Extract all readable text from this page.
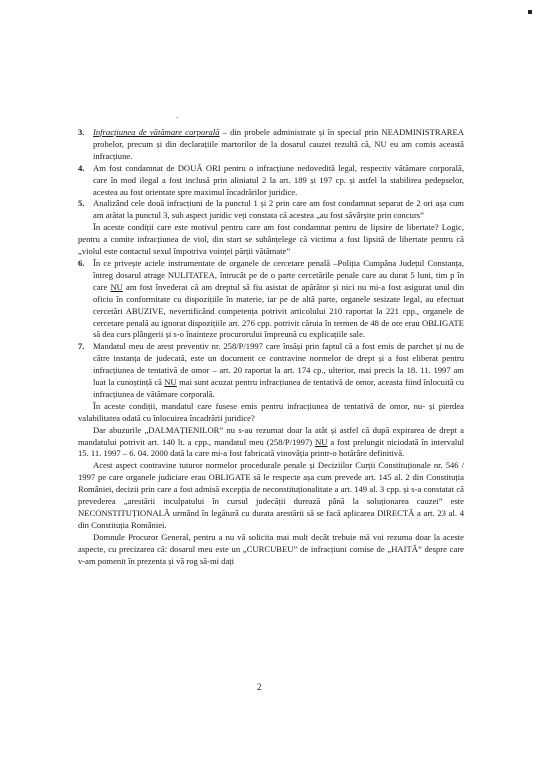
ˇ
3. Infracțiunea de vătămare corporală – din probele administrate și în special prin NEADMINISTRAREA probelor, precum și din declarațiile martorilor de la dosarul cauzei rezultă că, NU eu am comis această infracțiune.
4. Am fost condamnat de DOUĂ ORI pentru o infracțiune nedovedită legal, respectiv vătămare corporală, care în mod ilegal a fost inclusă prin aliniatul 2 la art. 189 și 197 cp. și astfel la stabilirea pedepselor, acestea au fost orientate spre maximul încadrărilor juridice.
5. Analizând cele două infracțiuni de la punctul 1 și 2 prin care am fost condamnat separat de 2 ori așa cum am arătat la punctul 3, sub aspect juridic veți constata că acestea „au fost săvârșite prin concurs”
În aceste condiții care este motivul pentru care am fost condamnat pentru de lipsire de libertate? Logic, pentru a comite infracțiunea de viol, din start se subânțelege că victima a fost lipsită de libertate pentru că „violul este contactul sexul împotriva voinței părții vătămate”
6. În ce privește actele instrumentate de organele de cercetare penală –Poliția Cumpăna Județul Constanța, întreg dosarul atrage NULITATEA, întrucât pe de o parte cercetările penale care au durat 5 luni, tim p în care NU am fost învederat că am dreptul să fiu asistat de apărător și nici nu mi-a fost asigurat unul din oficiu în conformitate cu dispozițiile în materie, iar pe de altă parte, organele sesizate legal, au efectuat cercetări ABUZIVE, nevertificând competența potrivit articolului 210 raportat la 221 cpp., organele de cercetare penală au ignorat dispozițiile art. 276 cpp. potrivit căruia în termen de 48 de ore erau OBLIGATE să dea curs plângerii și s-o înainteze procurorului împreună cu explicațiile sale.
7. Mandatul meu de arest preventiv nr. 258/P/1997 care însăși prin faptul că a fost emis de parchet și nu de către instanța de judecată, este un document ce contravine normelor de drept și a fost eliberat pentru infracțiunea de tentativă de omor – art. 20 raportat la art. 174 cp., ulterior, mai precis la 18. 11. 1997 am luat la cunoștință că NU mai sunt acuzat pentru infracțiunea de tentativă de omor, aceasta fiind înlocuită cu infracțiunea de vătămare corporală.
În aceste condiții, mandatul care fusese emis pentru infracțiunea de tentativă de omor, nu- și pierdea valabilitatea odată cu înlocuirea încadrării juridice?
Dar abuzurile „DALMAȚIENILOR” nu s-au rezumat doar la atât și astfel că după expirarea de drept a mandatului potrivit art. 140 lt. a cpp., mandatul meu (258/P/1997) NU a fost prelungit niciodată în intervalul 15. 11. 1997 – 6. 04. 2000 dată la care mi-a fost fabricată vinovăția printr-o hotărâre definitivă.
Acest aspect contravine tuturor normelor procedurale penale și Deciziilor Curții Constituționale nr. 546 / 1997 pe care organele judiciare erau OBLIGATE să le respecte așa cum prevede art. 145 al. 2 din Constituția României, decizii prin care a fost admisă excepția de neconstituționalitate a art. 149 al. 3 cpp. și s-a constatat că prevederea „arestării inculpatului în cursul judecății durează până la soluționarea cauzei” este NECONSTITUȚIONALĂ urmând în legătură cu durata arestării să se facă aplicarea DIRECTĂ a art. 23 al. 4 din Constituția României.
Domnule Procuror General, pentru a nu vă solicita mai mult decât trebuie mă voi rezuma doar la aceste aspecte, cu precizarea că: dosarul meu este un „CURCUBEU” de infracțiuni comise de „HAITĂ” despre care v-am pomenit în prezenta și vă rog să-mi dați
2
